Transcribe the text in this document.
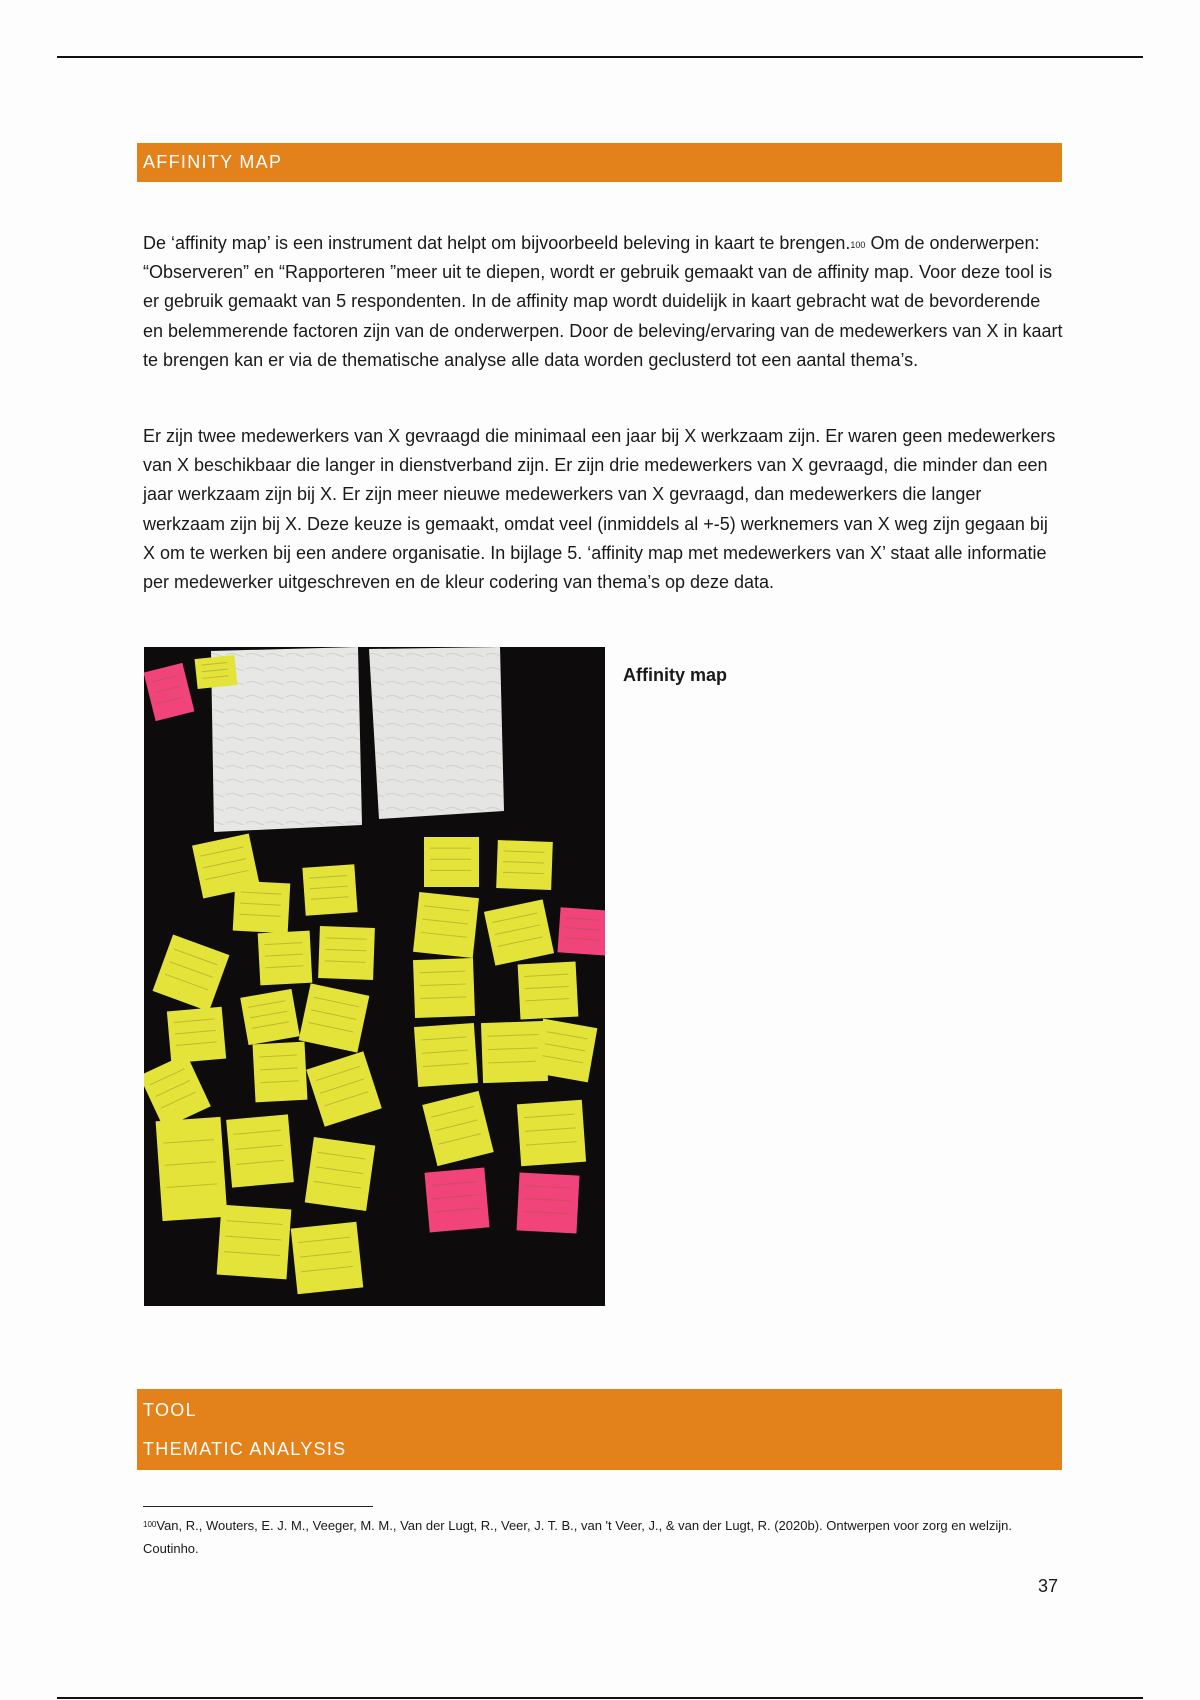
AFFINITY MAP

De ‘affinity map’ is een instrument dat helpt om bijvoorbeeld beleving in kaart te brengen.$^{100}$ Om de onderwerpen: “Observeren” en “Rapporteren ”meer uit te diepen, wordt er gebruik gemaakt van de affinity map. Voor deze tool is er gebruik gemaakt van 5 respondenten. In de affinity map wordt duidelijk in kaart gebracht wat de bevorderende en belemmerende factoren zijn van de onderwerpen. Door de beleving/ervaring van de medewerkers van X in kaart te brengen kan er via de thematische analyse alle data worden geclusterd tot een aantal thema’s.

Er zijn twee medewerkers van X gevraagd die minimaal een jaar bij X werkzaam zijn. Er waren geen medewerkers van X beschikbaar die langer in dienstverband zijn. Er zijn drie medewerkers van X gevraagd, die minder dan een jaar werkzaam zijn bij X. Er zijn meer nieuwe medewerkers van X gevraagd, dan medewerkers die langer werkzaam zijn bij X. Deze keuze is gemaakt, omdat veel (inmiddels al +-5) werknemers van X weg zijn gegaan bij X om te werken bij een andere organisatie. In bijlage 5. ‘affinity map met medewerkers van X’ staat alle informatie per medewerker uitgeschreven en de kleur codering van thema’s op deze data.

Affinity map
TOOL
THEMATIC ANALYSIS

$^{100}$Van, R., Wouters, E. J. M., Veeger, M. M., Van der Lugt, R., Veer, J. T. B., van 't Veer, J., & van der Lugt, R. (2020b). Ontwerpen voor zorg en welzijn. Coutinho.

37
